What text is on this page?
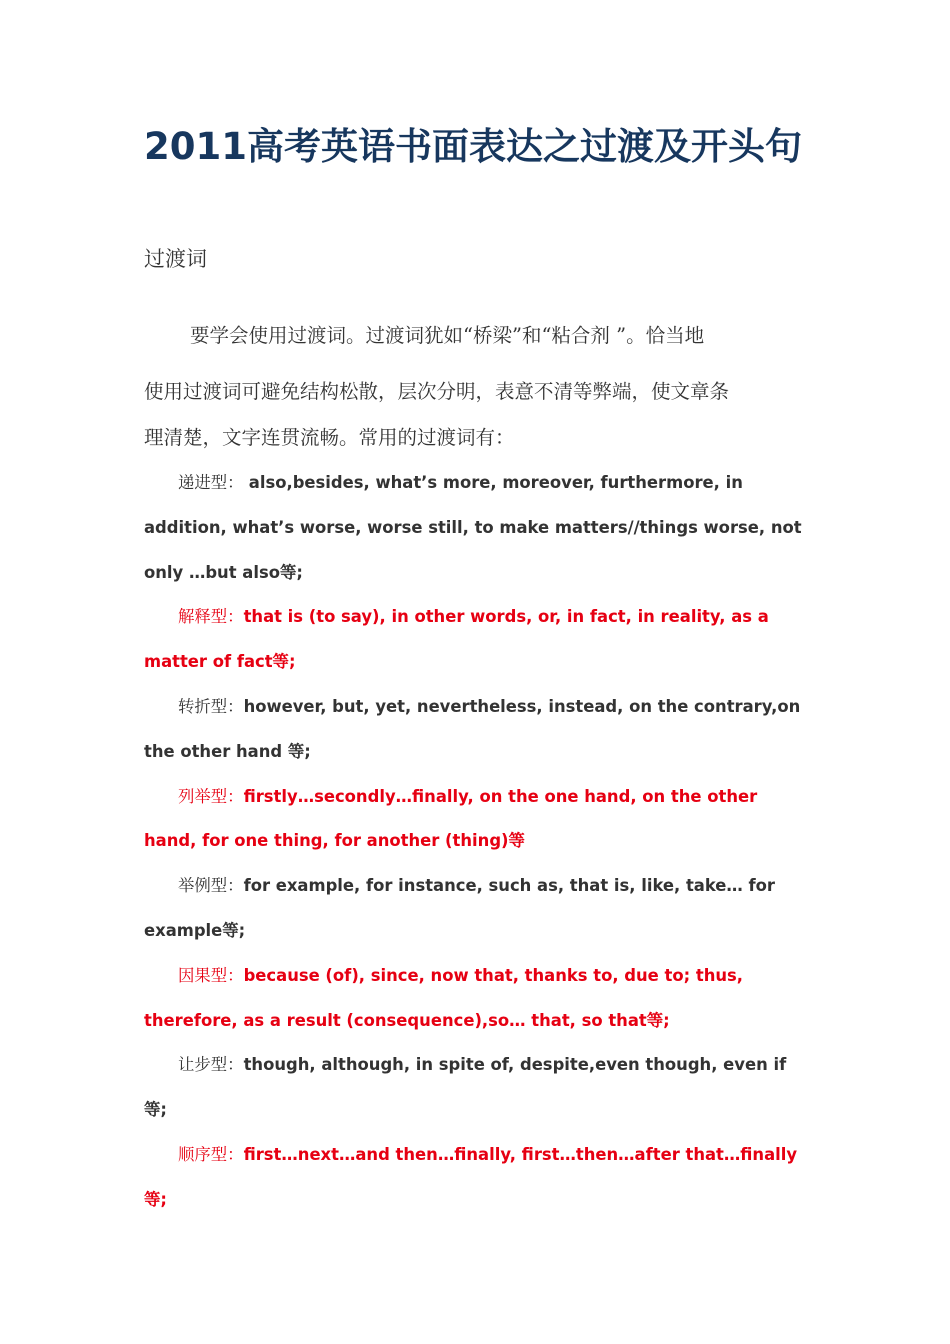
2011高考英语书面表达之过渡及开头句

过渡词

要学会使用过渡词。过渡词犹如“桥梁”和“粘合剂 ”。恰当地
使用过渡词可避免结构松散，层次分明，表意不清等弊端，使文章条
理清楚，文字连贯流畅。常用的过渡词有：

递进型： also,besides, what’s more, moreover, furthermore, in addition, what’s worse, worse still, to make matters//things worse, not only …but also等;
解释型：that is (to say), in other words, or, in fact, in reality, as a matter of fact等;
转折型：however, but, yet, nevertheless, instead, on the contrary,on the other hand 等;
列举型：firstly…secondly…finally, on the one hand, on the other hand, for one thing, for another (thing)等
举例型：for example, for instance, such as, that is, like, take… for example等;
因果型：because (of), since, now that, thanks to, due to; thus, therefore, as a result (consequence),so… that, so that等;
让步型：though, although, in spite of, despite,even though, even if 等;
顺序型：first…next…and then…finally, first…then…after that…finally 等;
